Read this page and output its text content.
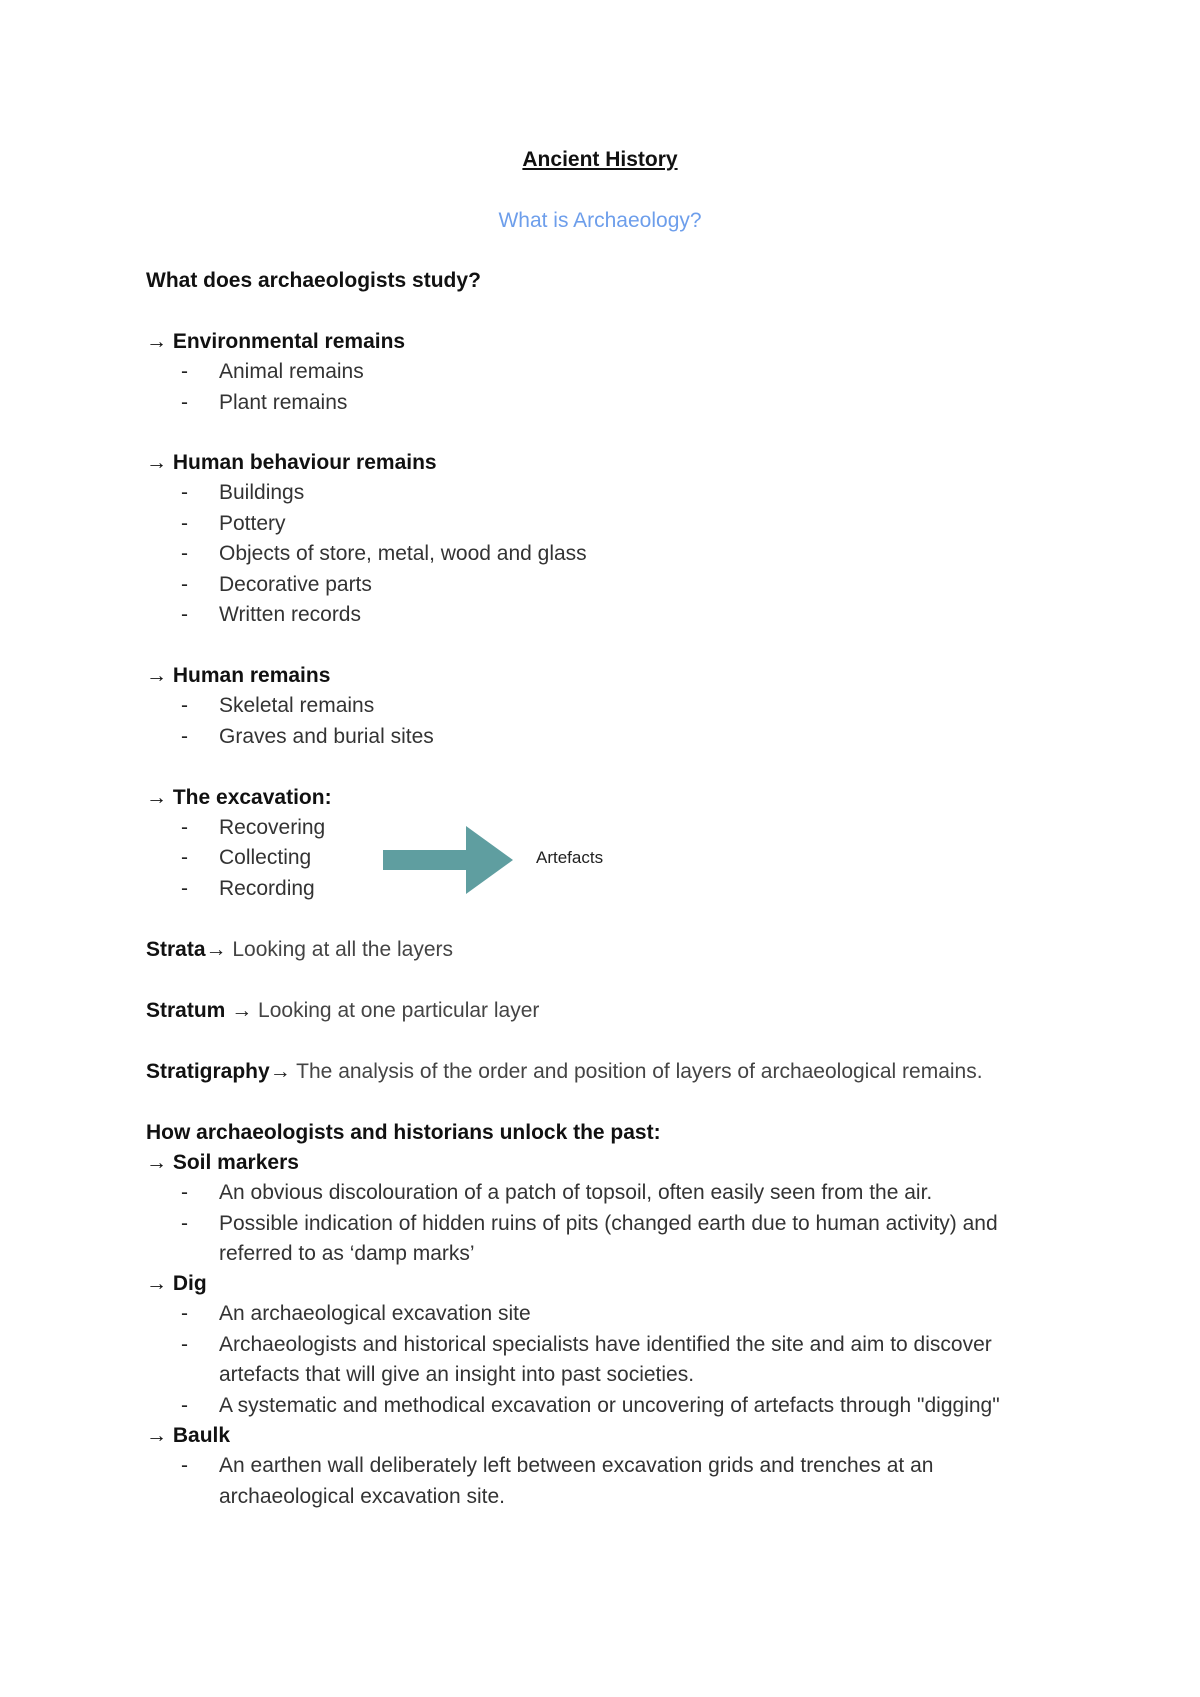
Ancient History
What is Archaeology?
What does archaeologists study?
→ Environmental remains
- Animal remains
- Plant remains
→ Human behaviour remains
- Buildings
- Pottery
- Objects of store, metal, wood and glass
- Decorative parts
- Written records
→ Human remains
- Skeletal remains
- Graves and burial sites
→ The excavation:
- Recovering
- Collecting
- Recording
Artefacts
Strata→ Looking at all the layers
Stratum → Looking at one particular layer
Stratigraphy→ The analysis of the order and position of layers of archaeological remains.
How archaeologists and historians unlock the past:
→ Soil markers
- An obvious discolouration of a patch of topsoil, often easily seen from the air.
- Possible indication of hidden ruins of pits (changed earth due to human activity) and
referred to as ‘damp marks’
→ Dig
- An archaeological excavation site
- Archaeologists and historical specialists have identified the site and aim to discover
artefacts that will give an insight into past societies.
- A systematic and methodical excavation or uncovering of artefacts through "digging"
→ Baulk
- An earthen wall deliberately left between excavation grids and trenches at an
archaeological excavation site.
